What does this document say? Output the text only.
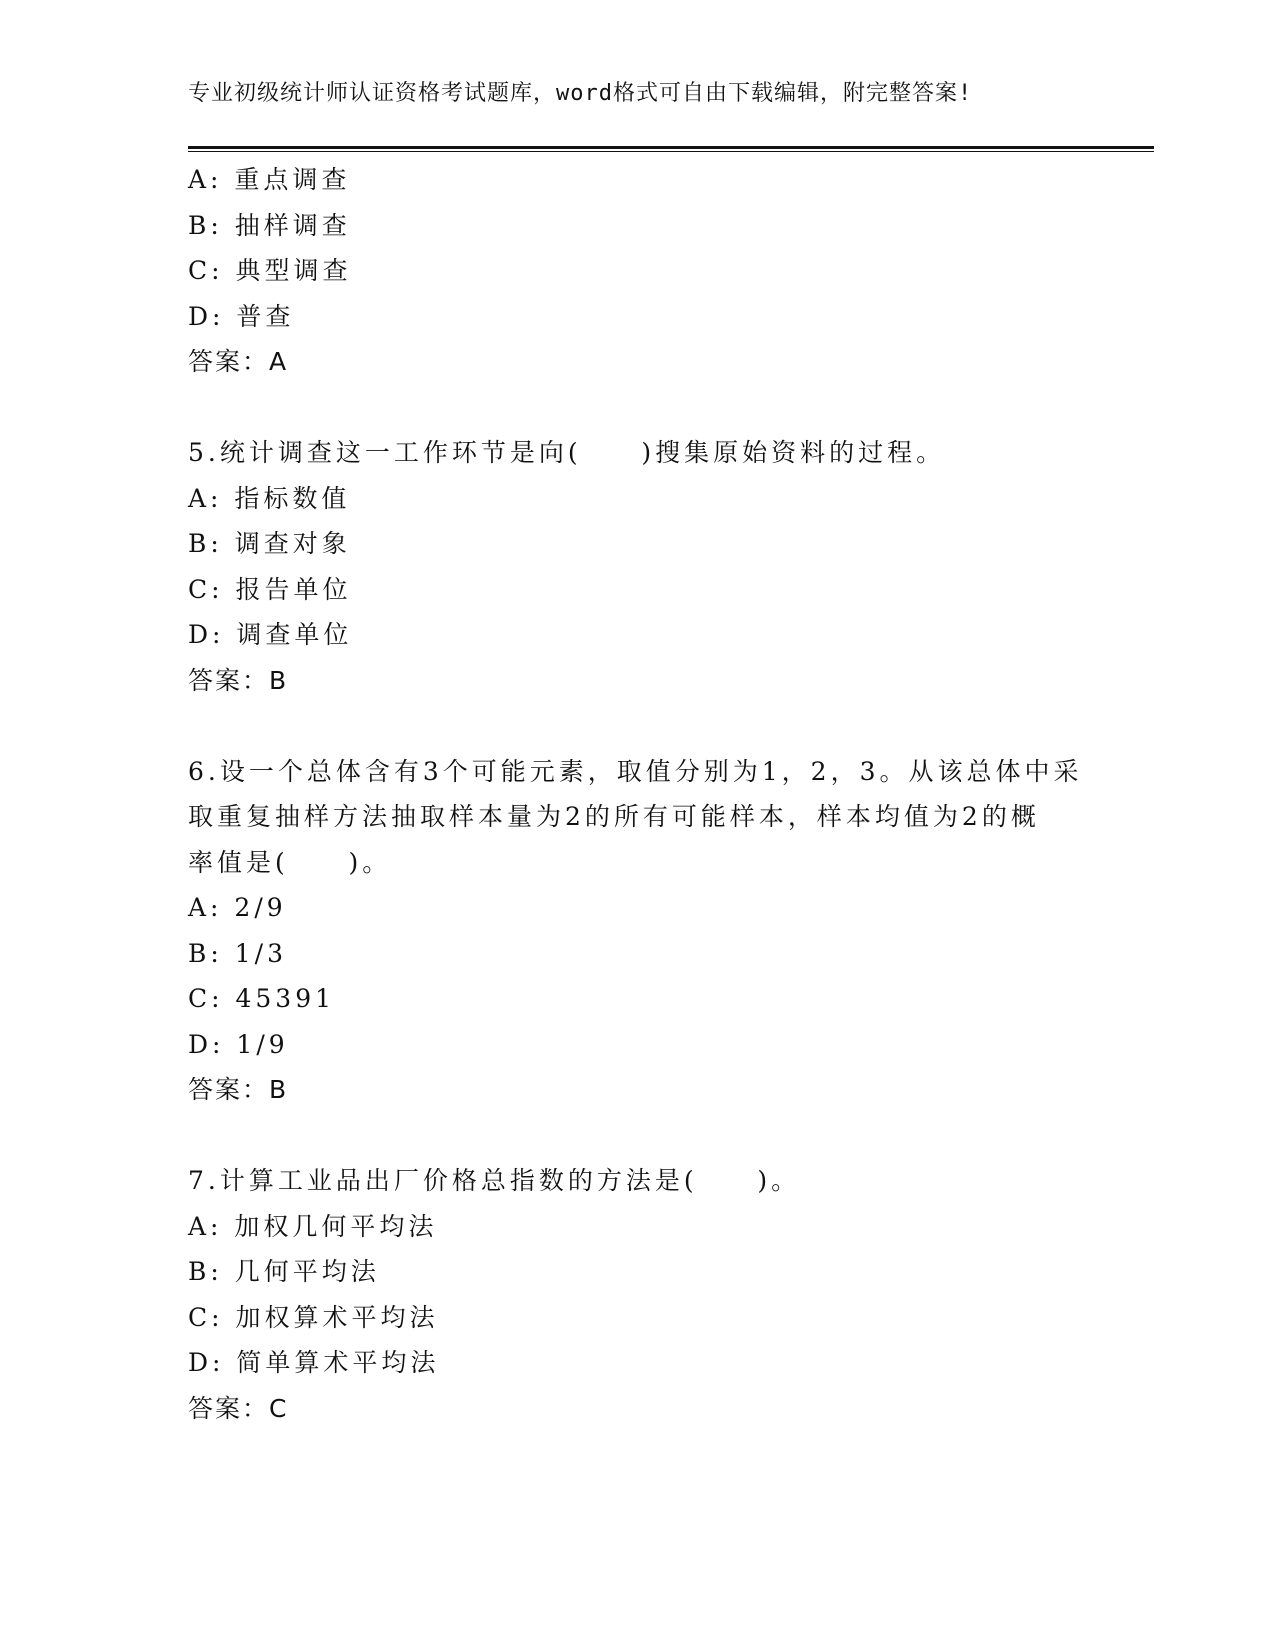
专业初级统计师认证资格考试题库，word格式可自由下载编辑，附完整答案!
A: 重点调查
B: 抽样调查
C: 典型调查
D: 普查
答案：A
5.统计调查这一工作环节是向(     )搜集原始资料的过程。
A: 指标数值
B: 调查对象
C: 报告单位
D: 调查单位
答案：B
6.设一个总体含有3个可能元素，取值分别为1，2，3。从该总体中采
取重复抽样方法抽取样本量为2的所有可能样本，样本均值为2的概
率值是(     )。
A: 2/9
B: 1/3
C: 45391
D: 1/9
答案：B
7.计算工业品出厂价格总指数的方法是(     )。
A: 加权几何平均法
B: 几何平均法
C: 加权算术平均法
D: 简单算术平均法
答案：C
